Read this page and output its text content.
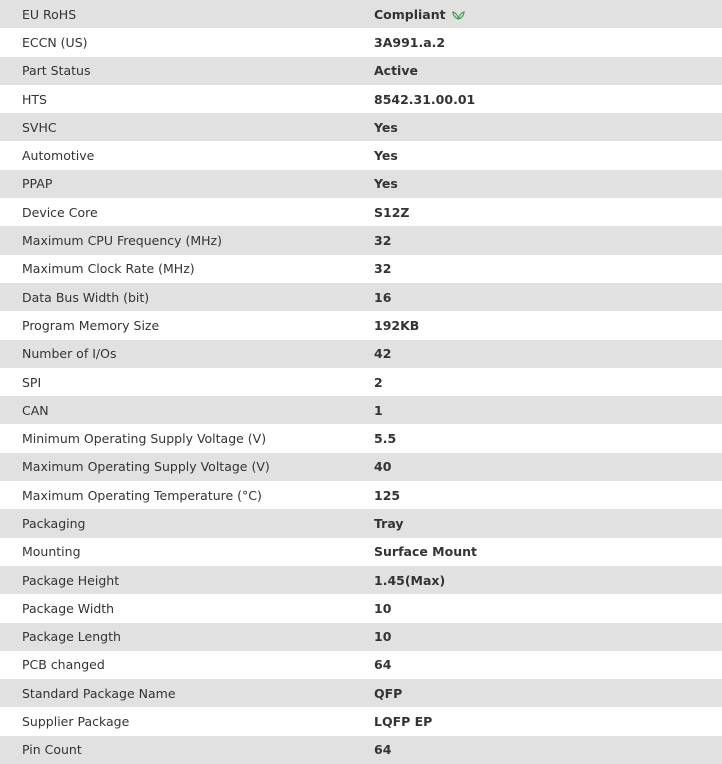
EU RoHS	Compliant
ECCN (US)	3A991.a.2
Part Status	Active
HTS	8542.31.00.01
SVHC	Yes
Automotive	Yes
PPAP	Yes
Device Core	S12Z
Maximum CPU Frequency (MHz)	32
Maximum Clock Rate (MHz)	32
Data Bus Width (bit)	16
Program Memory Size	192KB
Number of I/Os	42
SPI	2
CAN	1
Minimum Operating Supply Voltage (V)	5.5
Maximum Operating Supply Voltage (V)	40
Maximum Operating Temperature (°C)	125
Packaging	Tray
Mounting	Surface Mount
Package Height	1.45(Max)
Package Width	10
Package Length	10
PCB changed	64
Standard Package Name	QFP
Supplier Package	LQFP EP
Pin Count	64
